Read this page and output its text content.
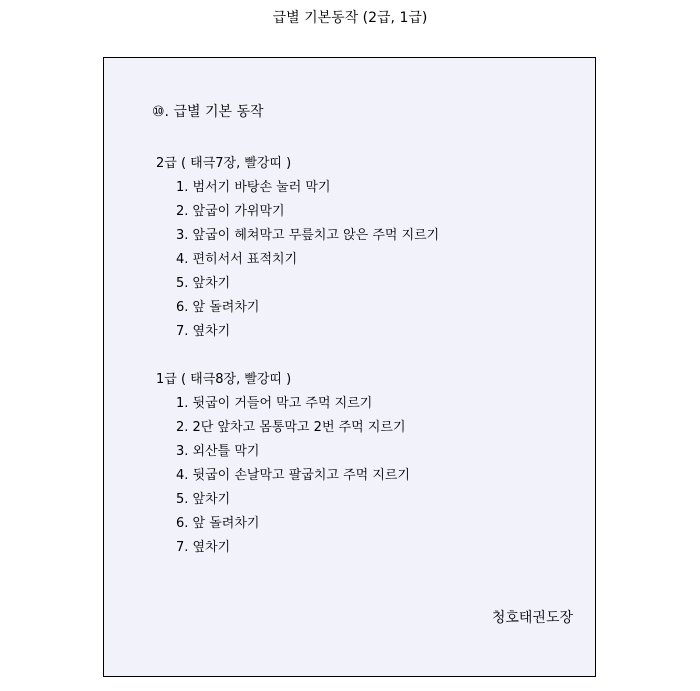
급별 기본동작 (2급, 1급)
⑩. 급별 기본 동작
2급 ( 태극7장, 빨강띠 )
1. 범서기 바탕손 눌러 막기
2. 앞굽이 가위막기
3. 앞굽이 헤쳐막고 무릎치고 앉은 주먹 지르기
4. 편히서서 표적치기
5. 앞차기
6. 앞 돌려차기
7. 옆차기
1급 ( 태극8장, 빨강띠 )
1. 뒷굽이 거들어 막고 주먹 지르기
2. 2단 앞차고 몸통막고 2번 주먹 지르기
3. 외산틀 막기
4. 뒷굽이 손날막고 팔굽치고 주먹 지르기
5. 앞차기
6. 앞 돌려차기
7. 옆차기
청호태권도장
